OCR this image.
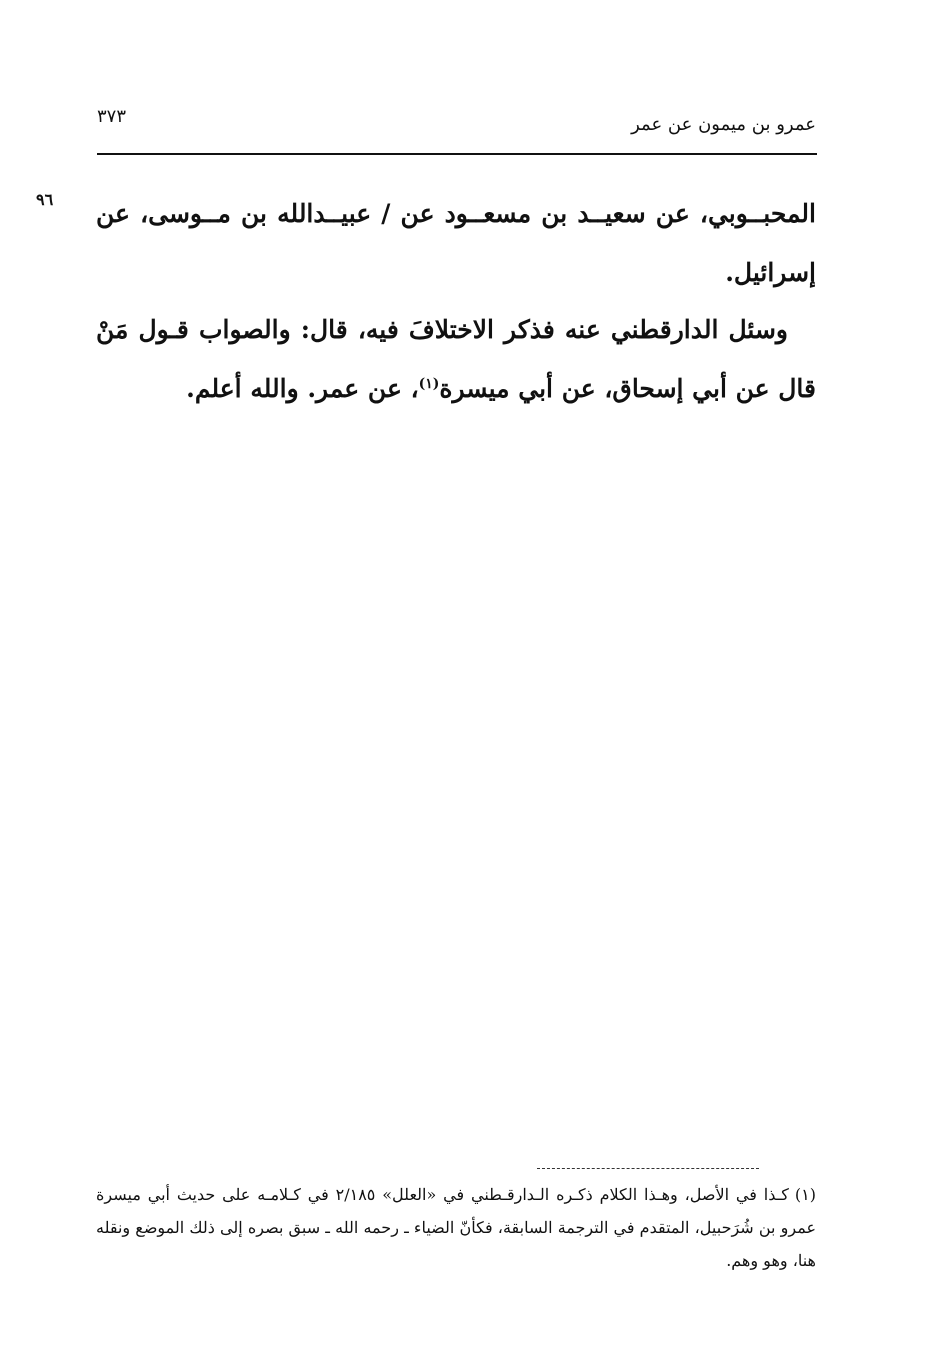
عمرو بن ميمون عن عمر
٣٧٣
٩٦ المحبــوبي، عن سعيــد بن مسعــود عن / عبيــدالله بن مــوسى، عن إسرائيل.
وسئل الدارقطني عنه فذكر الاختلافَ فيه، قال: والصواب قـول مَنْ قال عن أبي إسحاق، عن أبي ميسرة$^{(١)}$، عن عمر. والله أعلم.
(١)كـذا في الأصل، وهـذا الكلام ذكـره الـدارقـطني في «العلل» ٢/١٨٥ في كـلامـه على حديث أبي ميسرة عمرو بن شُرَحبيل، المتقدم في الترجمة السابقة، فكأنّ الضياء ـ رحمه الله ـ سبق بصره إلى ذلك الموضع ونقله هنا، وهو وهم.
